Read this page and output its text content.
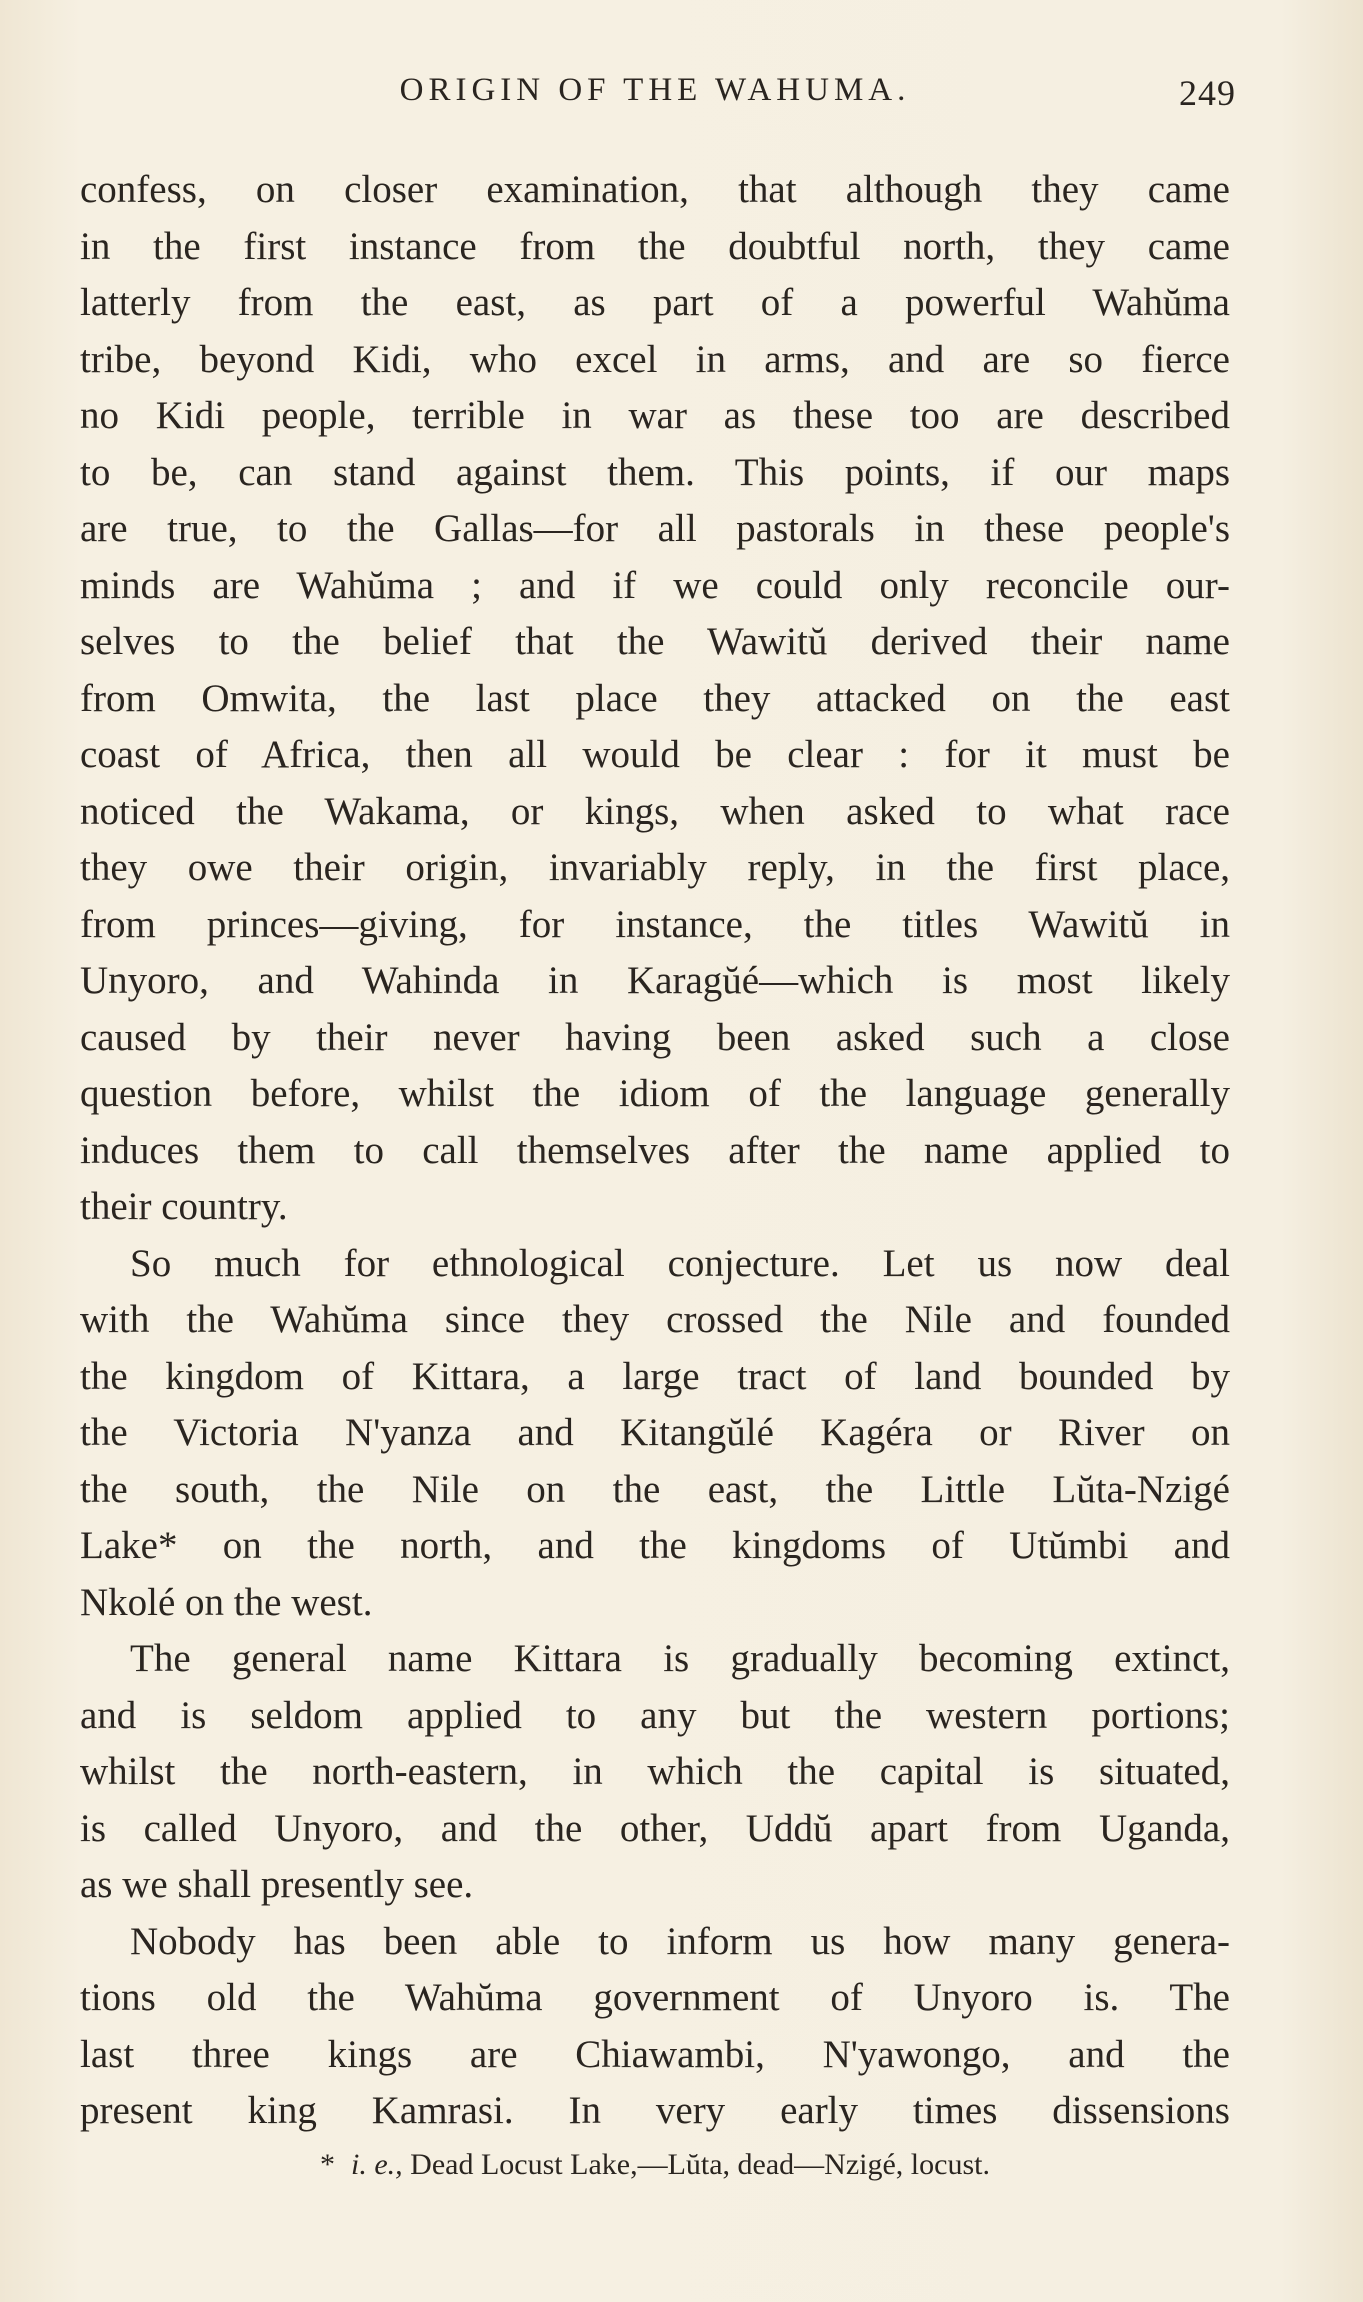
ORIGIN OF THE WAHUMA.	249
confess, on closer examination, that although they came
in the first instance from the doubtful north, they came
latterly from the east, as part of a powerful Wahŭma
tribe, beyond Kidi, who excel in arms, and are so fierce
no Kidi people, terrible in war as these too are described
to be, can stand against them. This points, if our maps
are true, to the Gallas—for all pastorals in these people's
minds are Wahŭma ; and if we could only reconcile our-
selves to the belief that the Wawitŭ derived their name
from Omwita, the last place they attacked on the east
coast of Africa, then all would be clear : for it must be
noticed the Wakama, or kings, when asked to what race
they owe their origin, invariably reply, in the first place,
from princes—giving, for instance, the titles Wawitŭ in
Unyoro, and Wahinda in Karagŭé—which is most likely
caused by their never having been asked such a close
question before, whilst the idiom of the language generally
induces them to call themselves after the name applied to
their country.
So much for ethnological conjecture. Let us now deal
with the Wahŭma since they crossed the Nile and founded
the kingdom of Kittara, a large tract of land bounded by
the Victoria N'yanza and Kitangŭlé Kagéra or River on
the south, the Nile on the east, the Little Lŭta-Nzigé
Lake* on the north, and the kingdoms of Utŭmbi and
Nkolé on the west.
The general name Kittara is gradually becoming extinct,
and is seldom applied to any but the western portions;
whilst the north-eastern, in which the capital is situated,
is called Unyoro, and the other, Uddŭ apart from Uganda,
as we shall presently see.
Nobody has been able to inform us how many genera-
tions old the Wahŭma government of Unyoro is. The
last three kings are Chiawambi, N'yawongo, and the
present king Kamrasi. In very early times dissensions
* i. e., Dead Locust Lake,—Lŭta, dead—Nzigé, locust.
